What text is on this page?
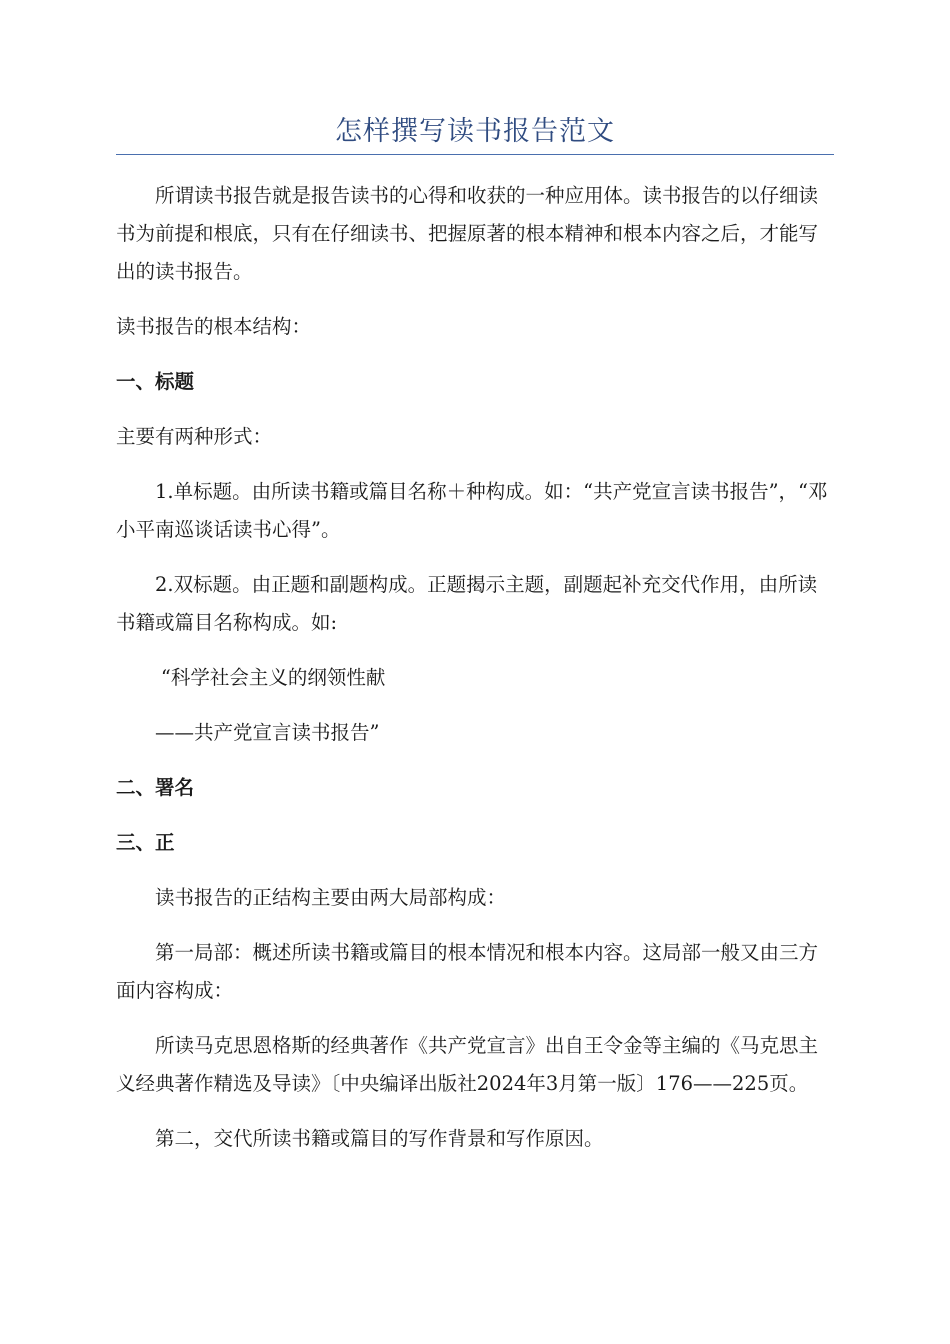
怎样撰写读书报告范文

所谓读书报告就是报告读书的心得和收获的一种应用体。读书报告的以仔细读书为前提和根底，只有在仔细读书、把握原著的根本精神和根本内容之后，才能写出的读书报告。

读书报告的根本结构：

一、标题

主要有两种形式：

1.单标题。由所读书籍或篇目名称＋种构成。如：“共产党宣言读书报告”，“邓小平南巡谈话读书心得”。

2.双标题。由正题和副题构成。正题揭示主题，副题起补充交代作用，由所读书籍或篇目名称构成。如:

“科学社会主义的纲领性献

——共产党宣言读书报告”

二、署名

三、正

读书报告的正结构主要由两大局部构成：

第一局部：概述所读书籍或篇目的根本情况和根本内容。这局部一般又由三方面内容构成：

所读马克思恩格斯的经典著作《共产党宣言》出自王令金等主编的《马克思主义经典著作精选及导读》〔中央编译出版社2024年3月第一版〕176——225页。

第二，交代所读书籍或篇目的写作背景和写作原因。
